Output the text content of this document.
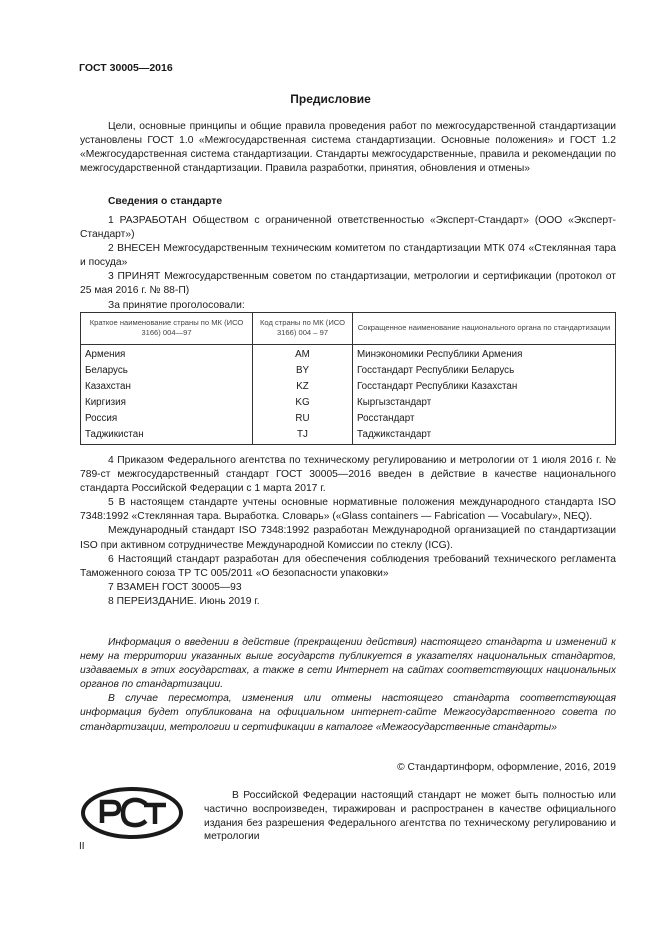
ГОСТ 30005—2016
Предисловие

Цели, основные принципы и общие правила проведения работ по межгосударственной стандартизации установлены ГОСТ 1.0 «Межгосударственная система стандартизации. Основные положения» и ГОСТ 1.2 «Межгосударственная система стандартизации. Стандарты межгосударственные, правила и рекомендации по межгосударственной стандартизации. Правила разработки, принятия, обновления и отмены»

Сведения о стандарте

1 РАЗРАБОТАН Обществом с ограниченной ответственностью «Эксперт-Стандарт» (ООО «Эксперт-Стандарт»)

2 ВНЕСЕН Межгосударственным техническим комитетом по стандартизации МТК 074 «Стеклянная тара и посуда»

3 ПРИНЯТ Межгосударственным советом по стандартизации, метрологии и сертификации (протокол от 25 мая 2016 г. № 88-П)

За принятие проголосовали:

Краткое наименование страны по МК (ИСО 3166) 004—97	Код страны по МК (ИСО 3166) 004 – 97	Сокращенное наименование национального органа по стандартизации
Армения	AM	Минэкономики Республики Армения
Беларусь	BY	Госстандарт Республики Беларусь
Казахстан	KZ	Госстандарт Республики Казахстан
Киргизия	KG	Кыргызстандарт
Россия	RU	Росстандарт
Таджикистан	TJ	Таджикстандарт

4 Приказом Федерального агентства по техническому регулированию и метрологии от 1 июля 2016 г. № 789-ст межгосударственный стандарт ГОСТ 30005—2016 введен в действие в качестве национального стандарта Российской Федерации с 1 марта 2017 г.

5 В настоящем стандарте учтены основные нормативные положения международного стандарта ISO 7348:1992 «Стеклянная тара. Выработка. Словарь» («Glass containers — Fabrication — Vocabulary», NEQ).

Международный стандарт ISO 7348:1992 разработан Международной организацией по стандартизации ISO при активном сотрудничестве Международной Комиссии по стеклу (ICG).

6 Настоящий стандарт разработан для обеспечения соблюдения требований технического регламента Таможенного союза ТР ТС 005/2011 «О безопасности упаковки»

7 ВЗАМЕН ГОСТ 30005—93

8 ПЕРЕИЗДАНИЕ. Июнь 2019 г.

Информация о введении в действие (прекращении действия) настоящего стандарта и изменений к нему на территории указанных выше государств публикуется в указателях национальных стандартов, издаваемых в этих государствах, а также в сети Интернет на сайтах соответствующих национальных органов по стандартизации.

В случае пересмотра, изменения или отмены настоящего стандарта соответствующая информация будет опубликована на официальном интернет-сайте Межгосударственного совета по стандартизации, метрологии и сертификации в каталоге «Межгосударственные стандарты»

© Стандартинформ, оформление, 2016, 2019

В Российской Федерации настоящий стандарт не может быть полностью или частично воспроизведен, тиражирован и распространен в качестве официального издания без разрешения Федерального агентства по техническому регулированию и метрологии

II
